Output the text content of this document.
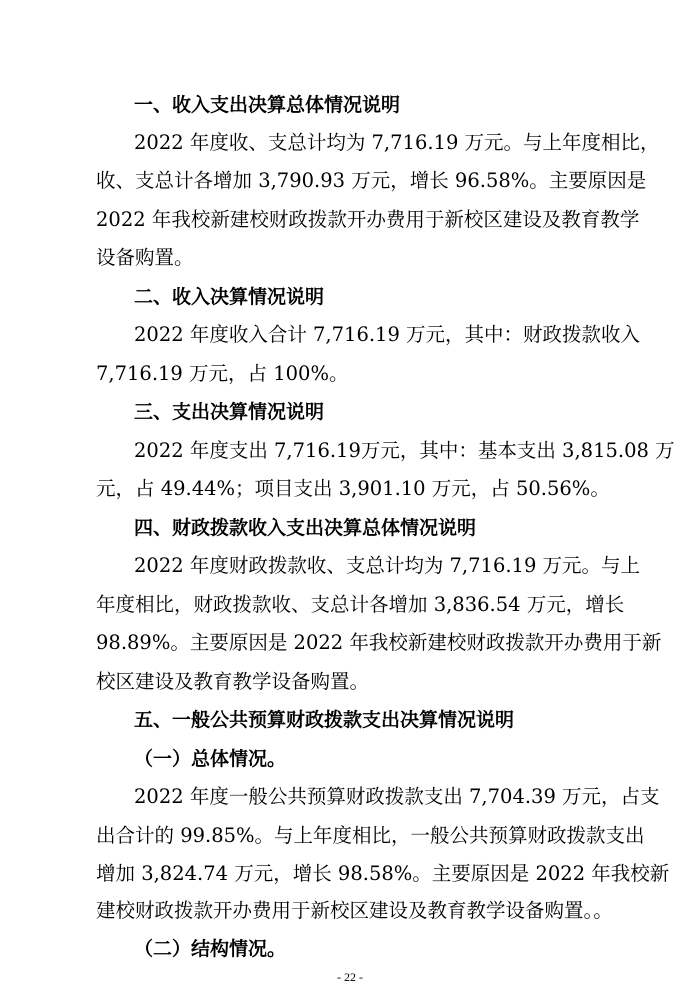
一、收入支出决算总体情况说明

2022 年度收、支总计均为 7,716.19 万元。与上年度相比，

收、支总计各增加 3,790.93 万元，增长 96.58%。主要原因是

2022 年我校新建校财政拨款开办费用于新校区建设及教育教学

设备购置。

二、收入决算情况说明

2022 年度收入合计 7,716.19 万元，其中：财政拨款收入

7,716.19 万元，占 100%。

三、支出决算情况说明

2022 年度支出 7,716.19万元，其中：基本支出 3,815.08 万

元，占 49.44%；项目支出 3,901.10 万元，占 50.56%。

四、财政拨款收入支出决算总体情况说明

2022 年度财政拨款收、支总计均为 7,716.19 万元。与上

年度相比，财政拨款收、支总计各增加 3,836.54 万元，增长

98.89%。主要原因是 2022 年我校新建校财政拨款开办费用于新

校区建设及教育教学设备购置。

五、一般公共预算财政拨款支出决算情况说明

（一）总体情况。

2022 年度一般公共预算财政拨款支出 7,704.39 万元，占支

出合计的 99.85%。与上年度相比，一般公共预算财政拨款支出

增加 3,824.74 万元，增长 98.58%。主要原因是 2022 年我校新

建校财政拨款开办费用于新校区建设及教育教学设备购置。。

（二）结构情况。

- 22 -
